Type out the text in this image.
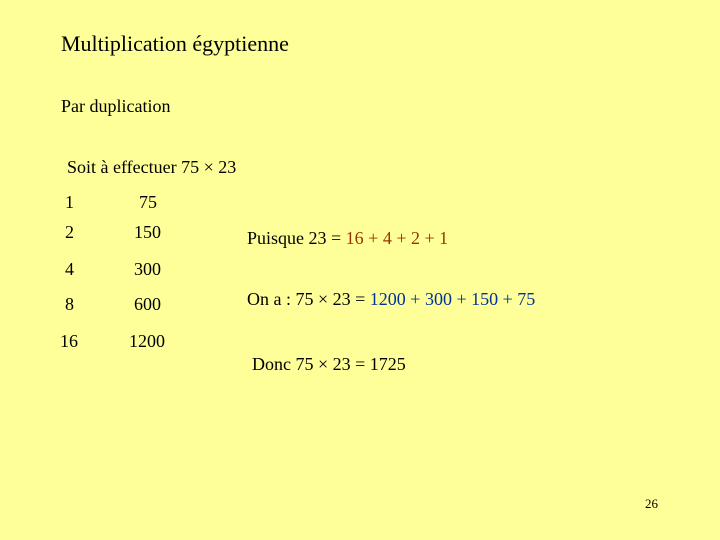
Multiplication égyptienne
Par duplication
Soit à effectuer 75 × 23
1
2
4
8
16
75
150
300
600
1200
Puisque 23 = 16 + 4 + 2 + 1
On a : 75 × 23 = 1200 + 300 + 150 + 75
Donc 75 × 23 = 1725
26
